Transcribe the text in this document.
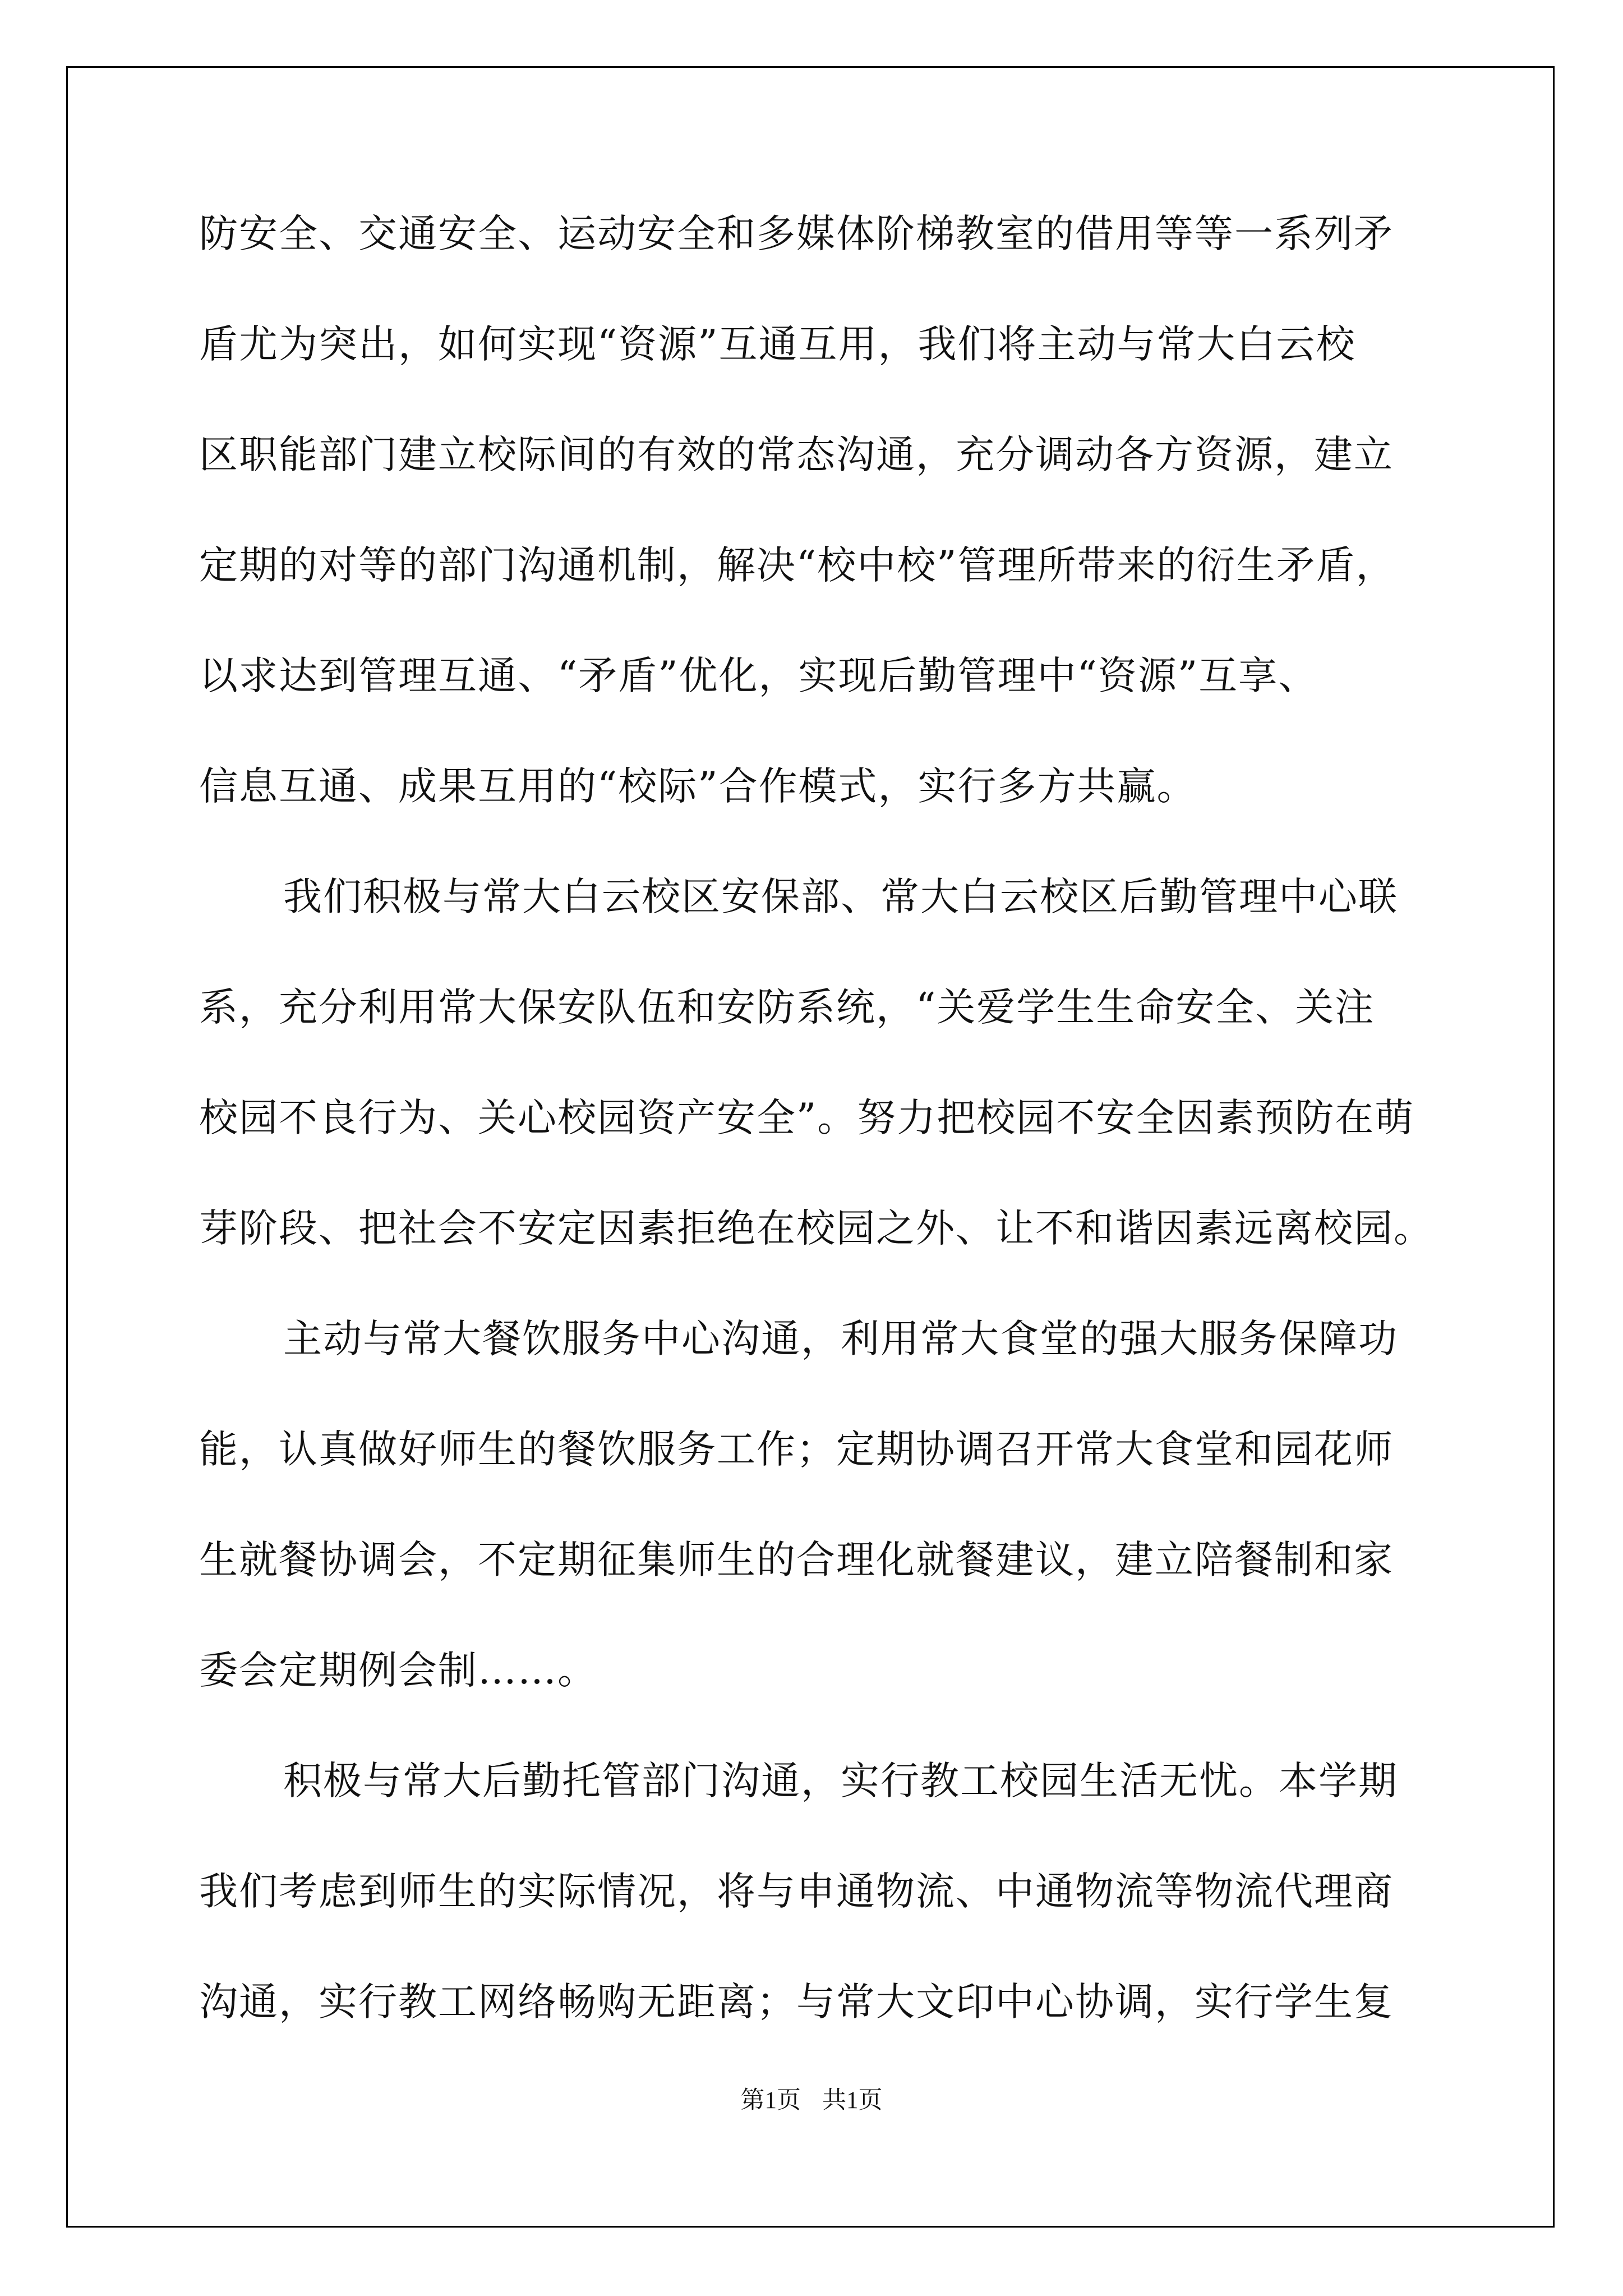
防安全、交通安全、运动安全和多媒体阶梯教室的借用等等一系列矛
盾尤为突出，如何实现“资源”互通互用，我们将主动与常大白云校
区职能部门建立校际间的有效的常态沟通，充分调动各方资源，建立
定期的对等的部门沟通机制，解决“校中校”管理所带来的衍生矛盾，
以求达到管理互通、“矛盾”优化，实现后勤管理中“资源”互享、
信息互通、成果互用的“校际”合作模式，实行多方共赢。
我们积极与常大白云校区安保部、常大白云校区后勤管理中心联
系，充分利用常大保安队伍和安防系统，“关爱学生生命安全、关注
校园不良行为、关心校园资产安全”。努力把校园不安全因素预防在萌
芽阶段、把社会不安定因素拒绝在校园之外、让不和谐因素远离校园。
主动与常大餐饮服务中心沟通，利用常大食堂的强大服务保障功
能，认真做好师生的餐饮服务工作；定期协调召开常大食堂和园花师
生就餐协调会，不定期征集师生的合理化就餐建议，建立陪餐制和家
委会定期例会制……。
积极与常大后勤托管部门沟通，实行教工校园生活无忧。本学期
我们考虑到师生的实际情况，将与申通物流、中通物流等物流代理商
沟通，实行教工网络畅购无距离；与常大文印中心协调，实行学生复
第1页 共1页
